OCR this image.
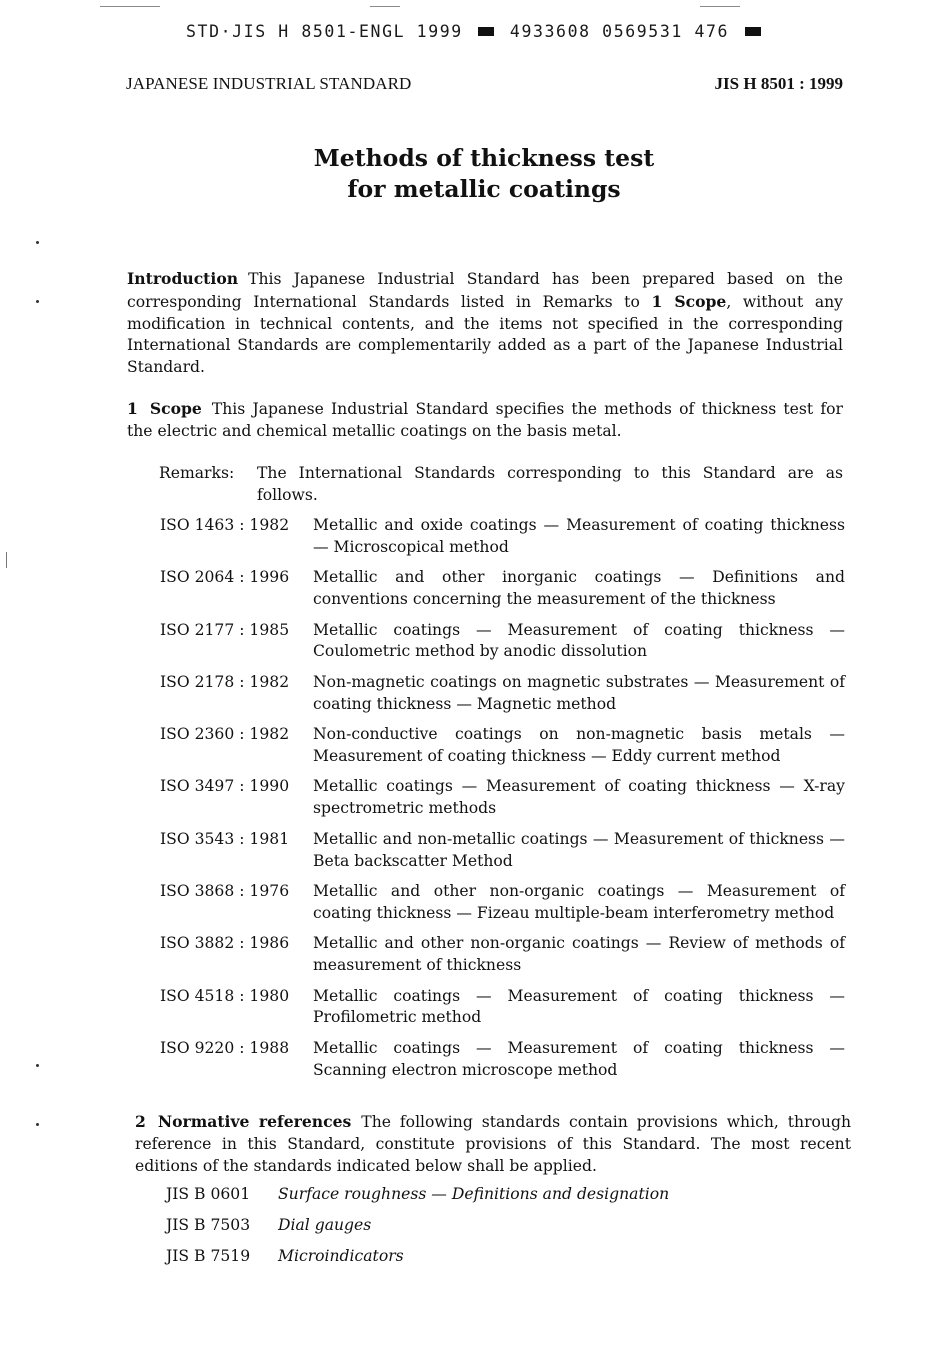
STD·JIS H 8501-ENGL 1999	4933608 0569531 476
JAPANESE INDUSTRIAL STANDARD	JIS H 8501 : 1999
Methods of thickness test
for metallic coatings
Introduction This Japanese Industrial Standard has been prepared based on the corresponding International Standards listed in Remarks to 1 Scope, without any modification in technical contents, and the items not specified in the corresponding International Standards are complementarily added as a part of the Japanese Industrial Standard.
1 Scope This Japanese Industrial Standard specifies the methods of thickness test for the electric and chemical metallic coatings on the basis metal.
Remarks: The International Standards corresponding to this Standard are as follows.
ISO 1463 : 1982 Metallic and oxide coatings — Measurement of coating thickness — Microscopical method
ISO 2064 : 1996 Metallic and other inorganic coatings — Definitions and conventions concerning the measurement of the thickness
ISO 2177 : 1985 Metallic coatings — Measurement of coating thickness — Coulometric method by anodic dissolution
ISO 2178 : 1982 Non-magnetic coatings on magnetic substrates — Measurement of coating thickness — Magnetic method
ISO 2360 : 1982 Non-conductive coatings on non-magnetic basis metals — Measurement of coating thickness — Eddy current method
ISO 3497 : 1990 Metallic coatings — Measurement of coating thickness — X-ray spectrometric methods
ISO 3543 : 1981 Metallic and non-metallic coatings — Measurement of thickness — Beta backscatter Method
ISO 3868 : 1976 Metallic and other non-organic coatings — Measurement of coating thickness — Fizeau multiple-beam interferometry method
ISO 3882 : 1986 Metallic and other non-organic coatings — Review of methods of measurement of thickness
ISO 4518 : 1980 Metallic coatings — Measurement of coating thickness — Profilometric method
ISO 9220 : 1988 Metallic coatings — Measurement of coating thickness — Scanning electron microscope method
2 Normative references The following standards contain provisions which, through reference in this Standard, constitute provisions of this Standard. The most recent editions of the standards indicated below shall be applied.
JIS B 0601 Surface roughness — Definitions and designation
JIS B 7503 Dial gauges
JIS B 7519 Microindicators
